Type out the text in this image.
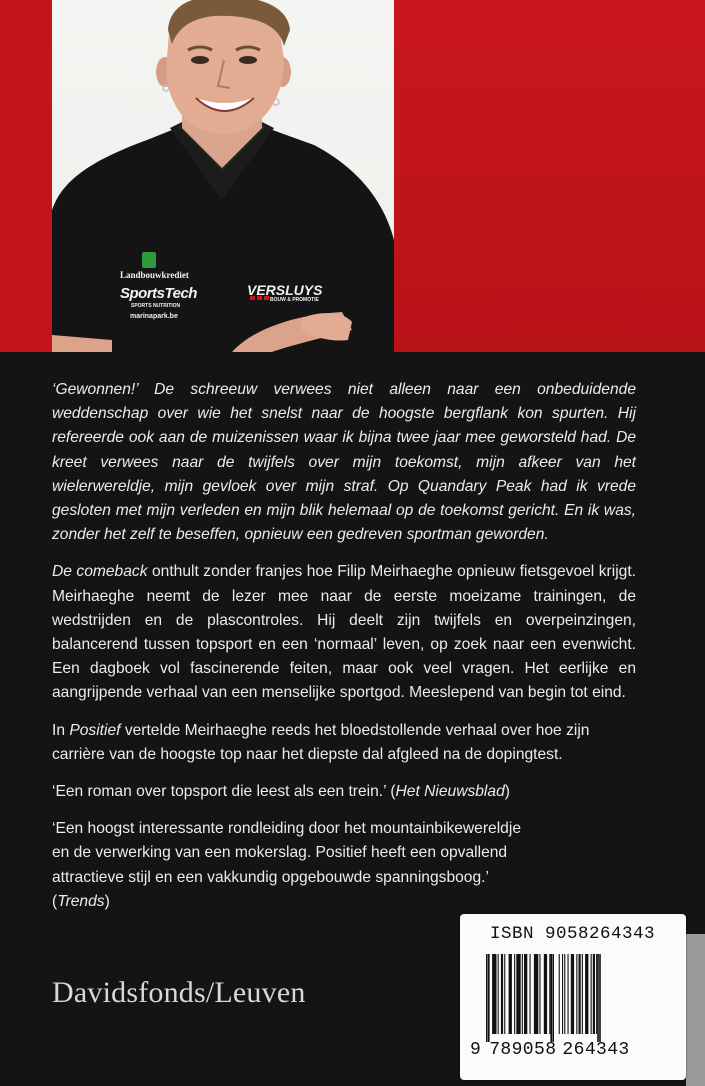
Landbouwkrediet
SportsTech
SPORTS NUTRITION
marinapark.be
VERSLUYS
BOUW & PROMOTIE

‘Gewonnen!’ De schreeuw verwees niet alleen naar een onbeduidende weddenschap over wie het snelst naar de hoogste bergflank kon spurten. Hij refereerde ook aan de muizenissen waar ik bijna twee jaar mee geworsteld had. De kreet verwees naar de twijfels over mijn toekomst, mijn afkeer van het wielerwereldje, mijn gevloek over mijn straf. Op Quandary Peak had ik vrede gesloten met mijn verleden en mijn blik helemaal op de toekomst gericht. En ik was, zonder het zelf te beseffen, opnieuw een gedreven sportman geworden.

De comeback onthult zonder franjes hoe Filip Meirhaeghe opnieuw fietsgevoel krijgt. Meirhaeghe neemt de lezer mee naar de eerste moeizame trainingen, de wedstrijden en de plascontroles. Hij deelt zijn twijfels en overpeinzingen, balancerend tussen topsport en een ‘normaal’ leven, op zoek naar een evenwicht. Een dagboek vol fascinerende feiten, maar ook veel vragen. Het eerlijke en aangrijpende verhaal van een menselijke sportgod. Meeslepend van begin tot eind.

In Positief vertelde Meirhaeghe reeds het bloedstollende verhaal over hoe zijn carrière van de hoogste top naar het diepste dal afgleed na de dopingtest.

‘Een roman over topsport die leest als een trein.’ (Het Nieuwsblad)

‘Een hoogst interessante rondleiding door het mountainbikewereldje en de verwerking van een mokerslag. Positief heeft een opvallend attractieve stijl en een vakkundig opgebouwde spanningsboog.’ (Trends)

Davidsfonds/Leuven
ISBN 9058264343
9 789058 264343
